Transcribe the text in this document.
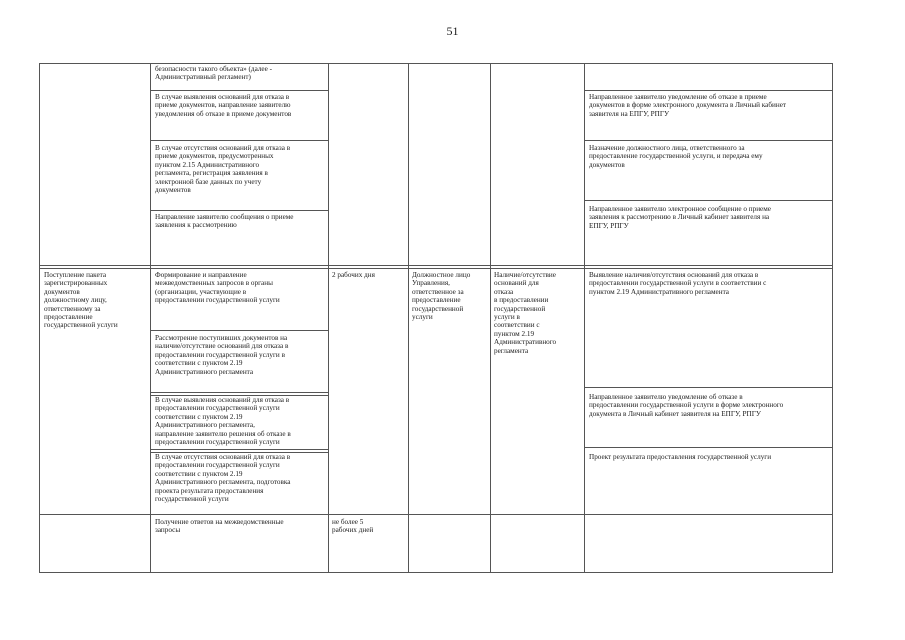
51
безопасности такого объекта» (далее -
Административный регламент)
В случае выявления оснований для отказа в
приеме документов, направление заявителю
уведомления об отказе в приеме документов
Направленное заявителю уведомление об отказе в приеме
документов в форме электронного документа в Личный кабинет
заявителя на ЕПГУ, РПГУ
В случае отсутствия оснований для отказа в
приеме документов, предусмотренных
пунктом 2.15 Административного
регламента, регистрация заявления в
электронной базе данных по учету
документов
Назначение должностного лица, ответственного за
предоставление государственной услуги, и передача ему
документов
Направление заявителю сообщения о приеме
заявления к рассмотрению
Направленное заявителю электронное сообщение о приеме
заявления к рассмотрению в Личный кабинет заявителя на
ЕПГУ, РПГУ
Поступление пакета
зарегистрированных
документов
должностному лицу,
ответственному за
предоставление
государственной услуги
Формирование и направление
межведомственных запросов в органы
(организации, участвующие в
предоставлении государственной услуги
2 рабочих дня	Должностное лицо
Управления,
ответственное за
предоставление
государственной
услуги
Наличие/отсутствие
оснований для
отказа
в предоставлении
государственной
услуги в
соответствии с
пунктом 2.19
Административного
регламента
Выявление наличия/отсутствия оснований для отказа в
предоставлении государственной услуги в соответствии с
пунктом 2.19 Административного регламента
Рассмотрение поступивших документов на
наличие/отсутствие оснований для отказа в
предоставлении государственной услуги в
соответствии с пунктом 2.19
Административного регламента
В случае выявления оснований для отказа в
предоставлении государственной услуги
соответствии с пунктом 2.19
Административного регламента,
направление заявителю решения об отказе в
предоставлении государственной услуги
Направленное заявителю уведомление об отказе в
предоставлении государственной услуги в форме электронного
документа в Личный кабинет заявителя на ЕПГУ, РПГУ
В случае отсутствия оснований для отказа в
предоставлении государственной услуги
соответствии с пунктом 2.19
Административного регламента, подготовка
проекта результата предоставления
государственной услуги
Проект результата предоставления государственной услуги
Получение ответов на межведомственные
запросы
не более 5
рабочих дней
